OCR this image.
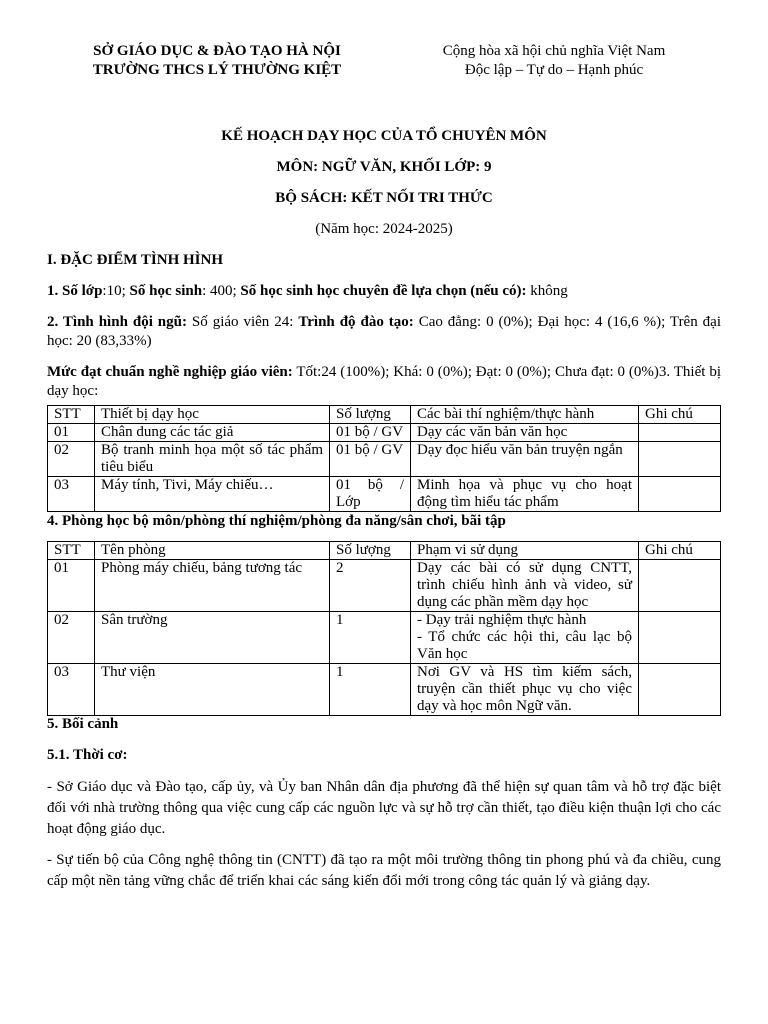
SỞ GIÁO DỤC & ĐÀO TẠO HÀ NỘI
TRƯỜNG THCS LÝ THƯỜNG KIỆT
Cộng hòa xã hội chủ nghĩa Việt Nam
Độc lập – Tự do – Hạnh phúc
KẾ HOẠCH DẠY HỌC CỦA TỔ CHUYÊN MÔN
MÔN: NGỮ VĂN, KHỐI LỚP: 9
BỘ SÁCH: KẾT NỐI TRI THỨC
(Năm học: 2024-2025)

I. ĐẶC ĐIỂM TÌNH HÌNH

1. Số lớp:10; Số học sinh: 400; Số học sinh học chuyên đề lựa chọn (nếu có): không

2. Tình hình đội ngũ: Số giáo viên 24: Trình độ đào tạo: Cao đẳng: 0 (0%); Đại học: 4 (16,6 %); Trên đại học: 20 (83,33%)

Mức đạt chuẩn nghề nghiệp giáo viên: Tốt:24 (100%); Khá: 0 (0%); Đạt: 0 (0%); Chưa đạt: 0 (0%)3. Thiết bị dạy học:

STT	Thiết bị dạy học	Số lượng	Các bài thí nghiệm/thực hành	Ghi chú
01	Chân dung các tác giả	01 bộ / GV	Dạy các văn bản văn học	
02	Bộ tranh minh họa một số tác phẩm tiêu biểu	01 bộ / GV	Dạy đọc hiểu văn bản truyện ngắn	
03	Máy tính, Tivi, Máy chiếu…	01 bộ / Lớp	Minh họa và phục vụ cho hoạt động tìm hiểu tác phẩm	

4. Phòng học bộ môn/phòng thí nghiệm/phòng đa năng/sân chơi, bãi tập

STT	Tên phòng	Số lượng	Phạm vi sử dụng	Ghi chú
01	Phòng máy chiếu, bảng tương tác	2	Dạy các bài có sử dụng CNTT, trình chiếu hình ảnh và video, sử dụng các phần mềm dạy học	
02	Sân trường	1	- Dạy trải nghiệm thực hành
- Tổ chức các hội thi, câu lạc bộ Văn học	
03	Thư viện	1	Nơi GV và HS tìm kiếm sách, truyện cần thiết phục vụ cho việc dạy và học môn Ngữ văn.	

5. Bối cảnh

5.1. Thời cơ:

- Sở Giáo dục và Đào tạo, cấp ủy, và Ủy ban Nhân dân địa phương đã thể hiện sự quan tâm và hỗ trợ đặc biệt đối với nhà trường thông qua việc cung cấp các nguồn lực và sự hỗ trợ cần thiết, tạo điều kiện thuận lợi cho các hoạt động giáo dục.

- Sự tiến bộ của Công nghệ thông tin (CNTT) đã tạo ra một môi trường thông tin phong phú và đa chiều, cung cấp một nền tảng vững chắc để triển khai các sáng kiến đổi mới trong công tác quản lý và giảng dạy.
